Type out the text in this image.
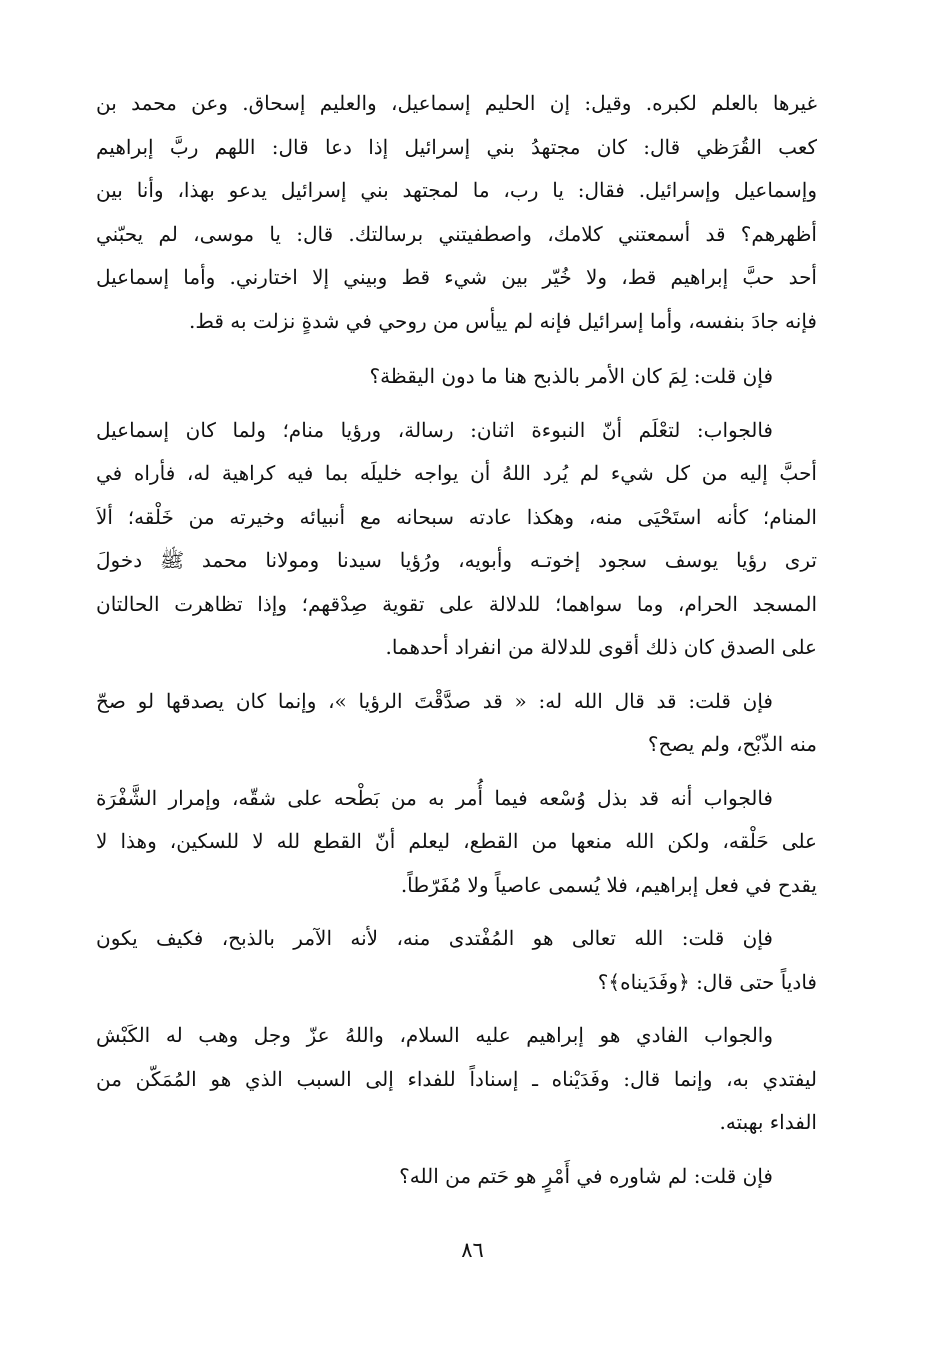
غيرها بالعلم لكبره. وقيل: إن الحليم إسماعيل، والعليم إسحاق. وعن محمد بن
كعب القُرَظي قال: كان مجتهدُ بني إسرائيل إذا دعا قال: اللهم ربَّ إبراهيم
وإسماعيل وإسرائيل. فقال: يا رب، ما لمجتهد بني إسرائيل يدعو بهذا، وأنا بين
أظهرهم؟ قد أسمعتني كلامك، واصطفيتني برسالتك. قال: يا موسى، لم يحبّني
أحد حبَّ إبراهيم قط، ولا خُيّر بين شيء قط وبيني إلا اختارني. وأما إسماعيل
فإنه جادَ بنفسه، وأما إسرائيل فإنه لم ييأس من روحي في شدةٍ نزلت به قط.
فإن قلت: لِمَ كان الأمر بالذبح هنا ما دون اليقظة؟
فالجواب: لتعْلَم أنّ النبوءة اثنان: رسالة، ورؤيا منام؛ ولما كان إسماعيل
أحبَّ إليه من كل شيء لم يُرد اللهُ أن يواجه خليلَه بما فيه كراهية له، فأراه في
المنام؛ كأنه استَحْيَى منه، وهكذا عادته سبحانه مع أنبيائه وخيرته من خَلْقه؛ ألاَ
ترى رؤيا يوسف سجود إخوتـه وأبويه، ورُؤيا سيدنا ومولانا محمد ﷺ دخولَ
المسجد الحرام، وما سواهما؛ للدلالة على تقوية صِدْقهم؛ وإذا تظاهرت الحالتان
على الصدق كان ذلك أقوى للدلالة من انفراد أحدهما.
فإن قلت: قد قال الله له: « قد صدَّقْتَ الرؤيا »، وإنما كان يصدقها لو صحّ
منه الذّبْح، ولم يصح؟
فالجواب أنه قد بذل وُسْعه فيما أُمر به من بَطْحه على شقّه، وإمرار الشَّفْرَة
على حَلْقه، ولكن الله منعها من القطع، ليعلم أنّ القطع لله لا للسكين، وهذا لا
يقدح في فعل إبراهيم، فلا يُسمى عاصياً ولا مُفَرّطاً.
فإن قلت: الله تعالى هو المُفْتدى منه، لأنه الآمر بالذبح، فكيف يكون
فادياً حتى قال: ﴿وفَدَيناه﴾؟
والجواب الفادي هو إبراهيم عليه السلام، واللهُ عزّ وجل وهب له الكَبْش
ليفتدي به، وإنما قال: وفَدَيْناه ـ إسناداً للفداء إلى السبب الذي هو المُمَكّن من
الفداء بهبته.
فإن قلت: لم شاوره في أَمْرٍ هو حَتم من الله؟
٨٦
